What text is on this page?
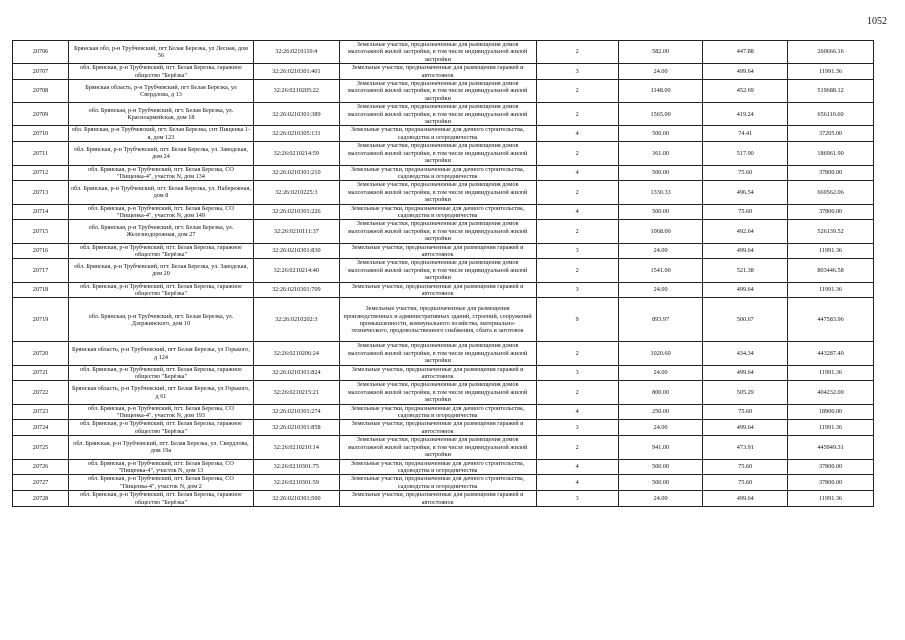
1052
20706	Брянская обл, р-н Трубчевский, пгт Белая Березка, ул Лесная, дом 56	32:26:0210110:4	Земельные участки, предназначенные для размещения домов малоэтажной жилой застройки, в том числе индивидуальной жилой застройки	2	582.00	447.88	260666.16
20707	обл. Брянская, р-н Трубчевский, пгт. Белая Березка, гаражное общество "Берёзка"	32:26:0210301:401	Земельные участки, предназначенные для размещения гаражей и автостоянок	3	24.00	499.64	11991.36
20708	Брянская область, р-н Трубчевский, пгт Белая Березка, ул Свердлова, д 13	32:26:0210205:22	Земельные участки, предназначенные для размещения домов малоэтажной жилой застройки, в том числе индивидуальной жилой застройки	2	1148.00	452.69	519688.12
20709	обл. Брянская, р-н Трубчевский, пгт. Белая Березка, ул. Красноармейская, дом 18	32:26:0210301:389	Земельные участки, предназначенные для размещения домов малоэтажной жилой застройки, в том числе индивидуальной жилой застройки	2	1565.00	419.24	656110.60
20710	обл. Брянская, р-н Трубчевский, пгт. Белая Березка, снт Пищенка 1-я, дом 123	32:26:0210305:131	Земельные участки, предназначенные для дачного строительства, садоводства и огородничества	4	500.00	74.41	37205.00
20711	обл. Брянская, р-н Трубчевский, пгт. Белая Березка, ул. Заводская, дом 24	32:26:0210214:59	Земельные участки, предназначенные для размещения домов малоэтажной жилой застройки, в том числе индивидуальной жилой застройки	2	361.00	517.90	186961.90
20712	обл. Брянская, р-н Трубчевский, пгт. Белая Березка, СО "Пищенка-4", участок N, дом 134	32:26:0210301:210	Земельные участки, предназначенные для дачного строительства, садоводства и огородничества	4	500.00	75.60	37800.00
20713	обл. Брянская, р-н Трубчевский, пгт. Белая Березка, ул. Набережная, дом 8	32:26:0210225:3	Земельные участки, предназначенные для размещения домов малоэтажной жилой застройки, в том числе индивидуальной жилой застройки	2	1330.33	496.54	660562.06
20714	обл. Брянская, р-н Трубчевский, пгт. Белая Березка, СО "Пищенка-4", участок N, дом 149	32:26:0210301:226	Земельные участки, предназначенные для дачного строительства, садоводства и огородничества	4	500.00	75.60	37800.00
20715	обл. Брянская, р-н Трубчевский, пгт. Белая Березка, ул. Железнодорожная, дом 27	32:26:0210111:37	Земельные участки, предназначенные для размещения домов малоэтажной жилой застройки, в том числе индивидуальной жилой застройки	2	1068.00	492.64	526139.52
20716	обл. Брянская, р-н Трубчевский, пгт. Белая Березка, гаражное общество "Берёзка"	32:26:0210301:830	Земельные участки, предназначенные для размещения гаражей и автостоянок	3	24.00	499.64	11991.36
20717	обл. Брянская, р-н Трубчевский, пгт. Белая Березка, ул. Заводская, дом 20	32:26:0210214:40	Земельные участки, предназначенные для размещения домов малоэтажной жилой застройки, в том числе индивидуальной жилой застройки	2	1541.00	521.38	803446.58
20718	обл. Брянская, р-н Трубчевский, пгт. Белая Березка, гаражное общество "Берёзка"	32:26:0210301:709	Земельные участки, предназначенные для размещения гаражей и автостоянок	3	24.00	499.64	11991.36
20719	обл. Брянская, р-н Трубчевский, пгт. Белая Березка, ул. Дзержинского, дом 10	32:26:0210202:3	Земельные участки, предназначенные для размещения производственных и административных зданий, строений, сооружений промышленности, коммунального хозяйства, материально-технического, продовольственного снабжения, сбыта и заготовок	9	893.97	500.67	447583.96
20720	Брянская область, р-н Трубчевский, пгт Белая Березка, ул Горького, д 124	32:26:0210206:24	Земельные участки, предназначенные для размещения домов малоэтажной жилой застройки, в том числе индивидуальной жилой застройки	2	1020.60	434.34	443287.40
20721	обл. Брянская, р-н Трубчевский, пгт. Белая Березка, гаражное общество "Берёзка"	32:26:0210301:824	Земельные участки, предназначенные для размещения гаражей и автостоянок	3	24.00	499.64	11991.36
20722	Брянская область, р-н Трубчевский, пгт Белая Березка, ул Горького, д 61	32:26:0210215:21	Земельные участки, предназначенные для размещения домов малоэтажной жилой застройки, в том числе индивидуальной жилой застройки	2	800.00	505.29	404232.00
20723	обл. Брянская, р-н Трубчевский, пгт. Белая Березка, СО "Пищенка-4", участок N, дом 193	32:26:0210301:274	Земельные участки, предназначенные для дачного строительства, садоводства и огородничества	4	250.00	75.60	18900.00
20724	обл. Брянская, р-н Трубчевский, пгт. Белая Березка, гаражное общество "Берёзка"	32:26:0210301:858	Земельные участки, предназначенные для размещения гаражей и автостоянок	3	24.00	499.64	11991.36
20725	обл. Брянская, р-н Трубчевский, пгт. Белая Березка, ул. Свердлова, дом 19а	32:26:0210210:14	Земельные участки, предназначенные для размещения домов малоэтажной жилой застройки, в том числе индивидуальной жилой застройки	2	941.00	473.91	445949.31
20726	обл. Брянская, р-н Трубчевский, пгт. Белая Березка, СО "Пищенка-4", участок N, дом 13	32:26:0210301:75	Земельные участки, предназначенные для дачного строительства, садоводства и огородничества	4	500.00	75.60	37800.00
20727	обл. Брянская, р-н Трубчевский, пгт. Белая Березка, СО "Пищенка-4", участок N, дом 2	32:26:0210301:59	Земельные участки, предназначенные для дачного строительства, садоводства и огородничества	4	500.00	75.60	37800.00
20728	обл. Брянская, р-н Трубчевский, пгт. Белая Березка, гаражное общество "Берёзка"	32:26:0210301:500	Земельные участки, предназначенные для размещения гаражей и автостоянок	3	24.00	499.64	11991.36
